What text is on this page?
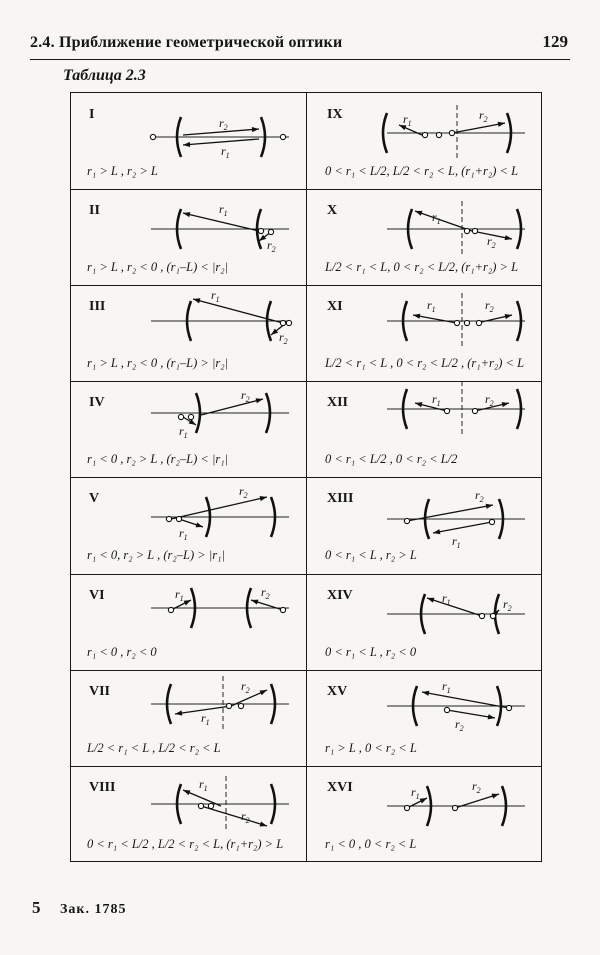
2.4. Приближение геометрической оптики	129
Таблица 2.3
I
$r_1$
$r_2$
r₁ > L , r₂ > L
IX	$r_1$
$r_2$
0 < r₁ < L/2, L/2 < r₂ < L, (r₁+r₂) < L
II	$r_1$
$r_2$
r₁ > L , r₂ < 0 , (r₁–L) < |r₂|
X	$r_1$
$r_2$
L/2 < r₁ < L, 0 < r₂ < L/2, (r₁+r₂) > L
III
$r_1$
$r_2$
r₁ > L , r₂ < 0 , (r₁–L) > |r₂|
XI	$r_1$	$r_2$
L/2 < r₁ < L , 0 < r₂ < L/2 , (r₁+r₂) < L
IV
$r_1$
$r_2$
r₁ < 0 , r₂ > L , (r₂–L) < |r₁|
XII	$r_1$	$r_2$
0 < r₁ < L/2 , 0 < r₂ < L/2
V
$r_1$
$r_2$
r₁ < 0, r₂ > L , (r₂–L) > |r₁|
XIII
$r_1$
$r_2$
0 < r₁ < L , r₂ > L
VI	$r_1$	$r_2$
r₁ < 0 , r₂ < 0
XIV	$r_1$	$r_2$
0 < r₁ < L , r₂ < 0
VII
$r_1$
$r_2$
L/2 < r₁ < L , L/2 < r₂ < L
XV	$r_1$
$r_2$
r₁ > L , 0 < r₂ < L
VIII	$r_1$
$r_2$
0 < r₁ < L/2 , L/2 < r₂ < L, (r₁+r₂) > L
XVI	$r_1$
$r_2$
r₁ < 0 , 0 < r₂ < L
5 Зак. 1785
